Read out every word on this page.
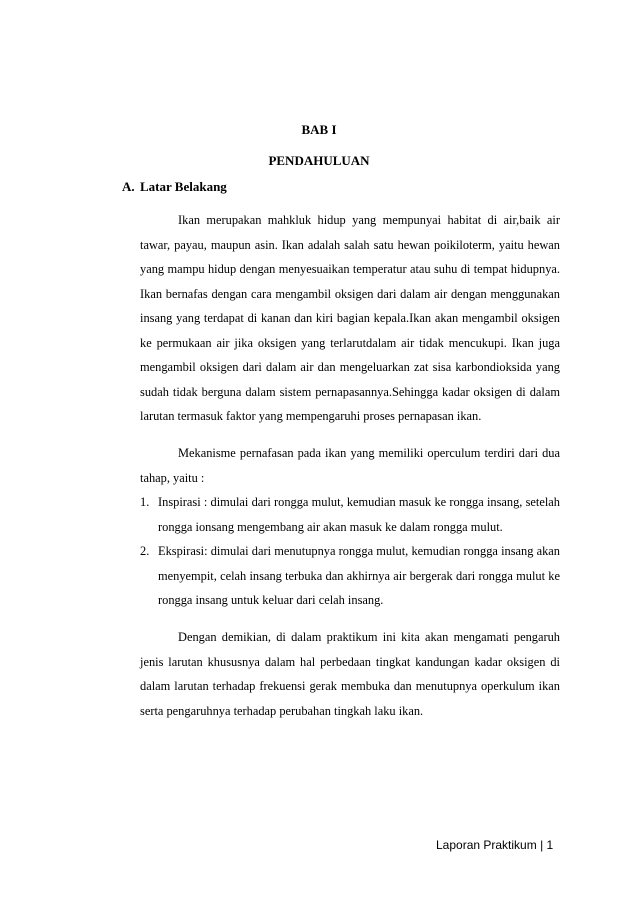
BAB I
PENDAHULUAN
A. Latar Belakang

Ikan merupakan mahkluk hidup yang mempunyai habitat di air,baik air tawar, payau, maupun asin. Ikan adalah salah satu hewan poikiloterm, yaitu hewan yang mampu hidup dengan menyesuaikan temperatur atau suhu di tempat hidupnya. Ikan bernafas dengan cara mengambil oksigen dari dalam air dengan menggunakan insang yang terdapat di kanan dan kiri bagian kepala.Ikan akan mengambil oksigen ke permukaan air jika oksigen yang terlarutdalam air tidak mencukupi. Ikan juga mengambil oksigen dari dalam air dan mengeluarkan zat sisa karbondioksida yang sudah tidak berguna dalam sistem pernapasannya.Sehingga kadar oksigen di dalam larutan termasuk faktor yang mempengaruhi proses pernapasan ikan.

Mekanisme pernafasan pada ikan yang memiliki operculum terdiri dari dua tahap, yaitu :

1. Inspirasi : dimulai dari rongga mulut, kemudian masuk ke rongga insang, setelah rongga ionsang mengembang air akan masuk ke dalam rongga mulut.
2. Ekspirasi: dimulai dari menutupnya rongga mulut, kemudian rongga insang akan menyempit, celah insang terbuka dan akhirnya air bergerak dari rongga mulut ke rongga insang untuk keluar dari celah insang.

Dengan demikian, di dalam praktikum ini kita akan mengamati pengaruh jenis larutan khususnya dalam hal perbedaan tingkat kandungan kadar oksigen di dalam larutan terhadap frekuensi gerak membuka dan menutupnya operkulum ikan serta pengaruhnya terhadap perubahan tingkah laku ikan.

Laporan Praktikum | 1
